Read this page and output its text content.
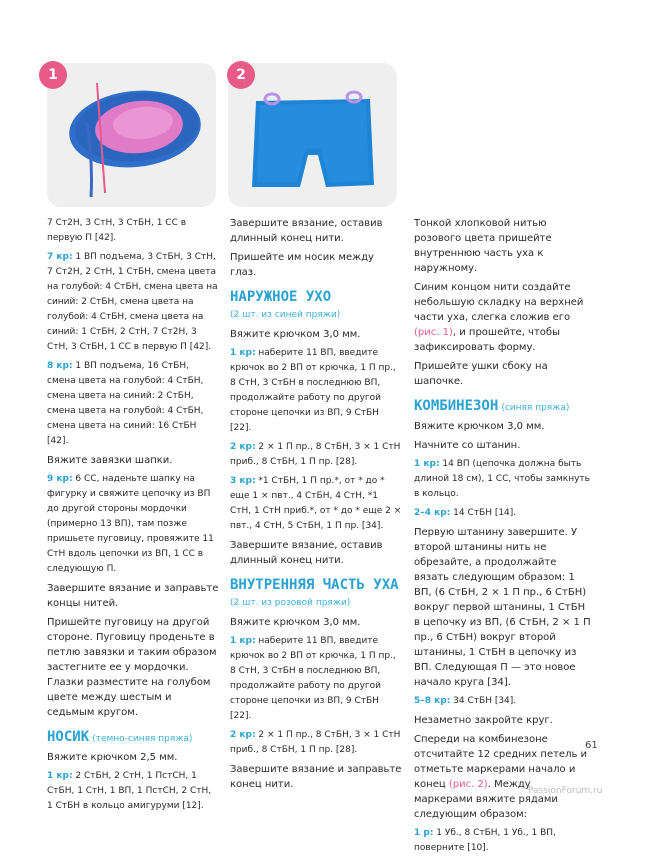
1	2
7 Ст2Н, 3 СтН, 3 СтБН, 1 СС в первую П [42].
7 кр: 1 ВП подъема, 3 СтБН, 3 СтН, 7 Ст2Н, 2 СтН, 1 СтБН, смена цвета на голубой: 4 СтБН, смена цвета на синий: 2 СтБН, смена цвета на голубой: 4 СтБН, смена цвета на синий: 1 СтБН, 2 СтН, 7 Ст2Н, 3 СтН, 3 СтБН, 1 СС в первую П [42].
8 кр: 1 ВП подъема, 16 СтБН, смена цвета на голубой: 4 СтБН, смена цвета на синий: 2 СтБН, смена цвета на голубой: 4 СтБН, смена цвета на синий: 16 СтБН [42].

Вяжите завязки шапки.

9 кр: 6 СС, наденьте шапку на фигурку и свяжите цепочку из ВП до другой стороны мордочки (примерно 13 ВП), там позже пришьете пуговицу, провяжите 11 СтН вдоль цепочки из ВП, 1 СС в следующую П.

Завершите вязание и заправьте концы нитей.

Пришейте пуговицу на другой стороне. Пуговицу проденьте в петлю завязки и таким образом застегните ее у мордочки. Глазки разместите на голубом цвете между шестым и седьмым кругом.

НОСИК (темно-синяя пряжа)

Вяжите крючком 2,5 мм.

1 кр: 2 СтБН, 2 СтН, 1 ПстСН, 1 СтБН, 1 СтН, 1 ВП, 1 ПстСН, 2 СтН, 1 СтБН в кольцо амигуруми [12].

Завершите вязание, оставив длинный конец нити.

Пришейте им носик между глаз.

НАРУЖНОЕ УХО
(2 шт. из синей пряжи)

Вяжите крючком 3,0 мм.

1 кр: наберите 11 ВП, введите крючок во 2 ВП от крючка, 1 П пр., 8 СтН, 3 СтБН в последнюю ВП, продолжайте работу по другой стороне цепочки из ВП, 9 СтБН [22].
2 кр: 2 × 1 П пр., 8 СтБН, 3 × 1 СтН приб., 8 СтБН, 1 П пр. [28].
3 кр: *1 СтБН, 1 П пр.*, от * до * еще 1 × пвт., 4 СтБН, 4 СтН, *1 СтН, 1 СтН приб.*, от * до * еще 2 × пвт., 4 СтН, 5 СтБН, 1 П пр. [34].

Завершите вязание, оставив длинный конец нити.

ВНУТРЕННЯЯ ЧАСТЬ УХА
(2 шт. из розовой пряжи)

Вяжите крючком 3,0 мм.

1 кр: наберите 11 ВП, введите крючок во 2 ВП от крючка, 1 П пр., 8 СтН, 3 СтБН в последнюю ВП, продолжайте работу по другой стороне цепочки из ВП, 9 СтБН [22].
2 кр: 2 × 1 П пр., 8 СтБН, 3 × 1 СтН приб., 8 СтБН, 1 П пр. [28].

Завершите вязание и заправьте конец нити.

Тонкой хлопковой нитью розового цвета пришейте внутреннюю часть уха к наружному.

Синим концом нити создайте небольшую складку на верхней части уха, слегка сложив его (рис. 1), и прошейте, чтобы зафиксировать форму.

Пришейте ушки сбоку на шапочке.

КОМБИНЕЗОН (синяя пряжа)

Вяжите крючком 3,0 мм.

Начните со штанин.

1 кр: 14 ВП (цепочка должна быть длиной 18 см), 1 СС, чтобы замкнуть в кольцо.
2–4 кр: 14 СтБН [14].

Первую штанину завершите. У второй штанины нить не обрезайте, а продолжайте вязать следующим образом: 1 ВП, (6 СтБН, 2 × 1 П пр., 6 СтБН) вокруг первой штанины, 1 СтБН в цепочку из ВП, (6 СтБН, 2 × 1 П пр., 6 СтБН) вокруг второй штанины, 1 СтБН в цепочку из ВП. Следующая П — это новое начало круга [34].

5–8 кр: 34 СтБН [34].

Незаметно закройте круг.

Спереди на комбинезоне отсчитайте 12 средних петель и отметьте маркерами начало и конец (рис. 2). Между маркерами вяжите рядами следующим образом:

1 р: 1 Уб., 8 СтБН, 1 Уб., 1 ВП, поверните [10].
61
PassionForum.ru
